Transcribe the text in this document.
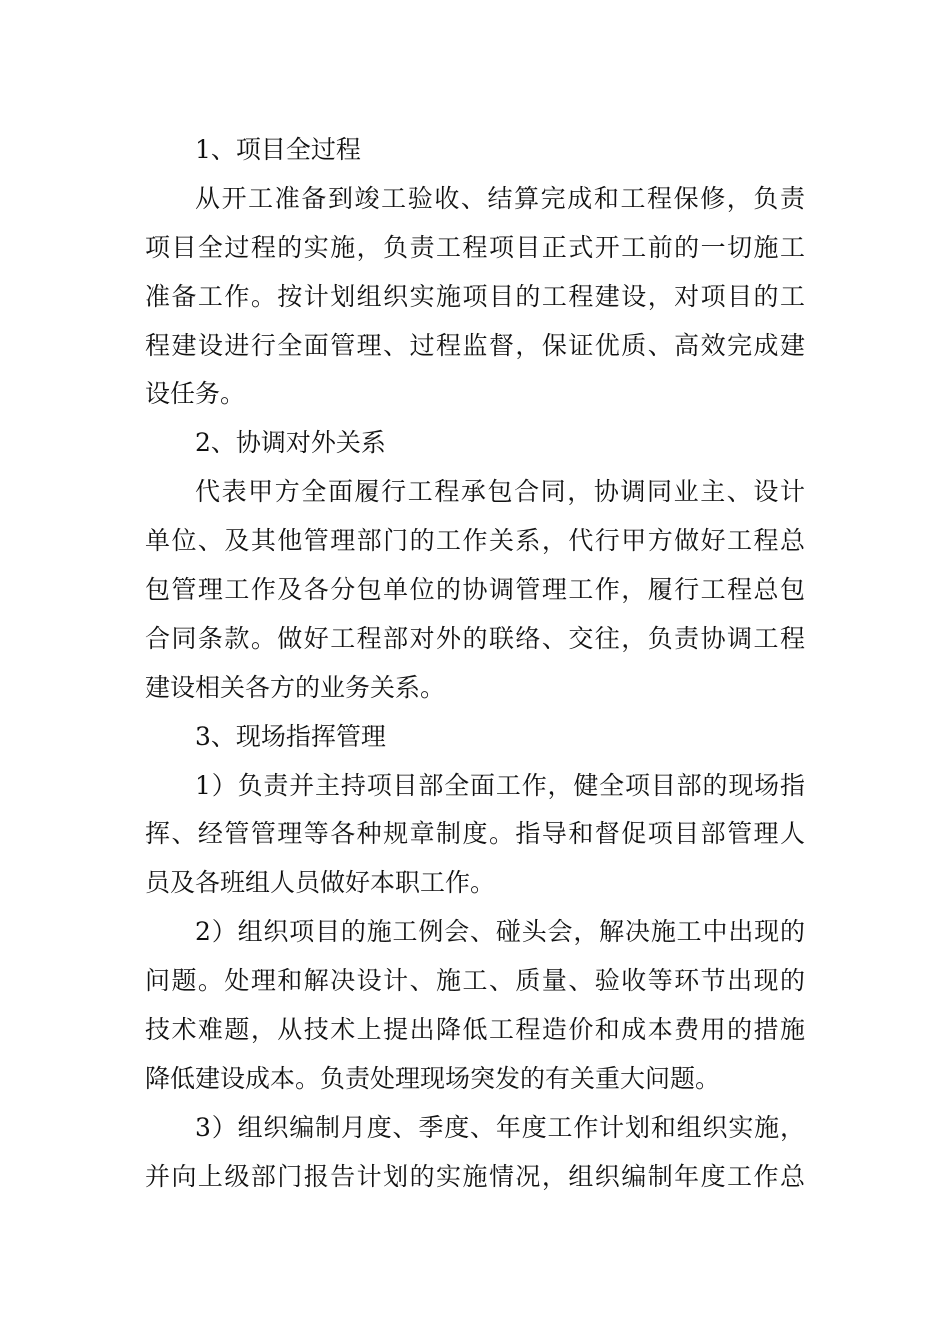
1、项目全过程
从开工准备到竣工验收、结算完成和工程保修，负责
项目全过程的实施，负责工程项目正式开工前的一切施工
准备工作。按计划组织实施项目的工程建设，对项目的工
程建设进行全面管理、过程监督，保证优质、高效完成建
设任务。
2、协调对外关系
代表甲方全面履行工程承包合同，协调同业主、设计
单位、及其他管理部门的工作关系，代行甲方做好工程总
包管理工作及各分包单位的协调管理工作，履行工程总包
合同条款。做好工程部对外的联络、交往，负责协调工程
建设相关各方的业务关系。
3、现场指挥管理
1）负责并主持项目部全面工作，健全项目部的现场指
挥、经管管理等各种规章制度。指导和督促项目部管理人
员及各班组人员做好本职工作。
2）组织项目的施工例会、碰头会，解决施工中出现的
问题。处理和解决设计、施工、质量、验收等环节出现的
技术难题，从技术上提出降低工程造价和成本费用的措施
降低建设成本。负责处理现场突发的有关重大问题。
3）组织编制月度、季度、年度工作计划和组织实施，
并向上级部门报告计划的实施情况，组织编制年度工作总
